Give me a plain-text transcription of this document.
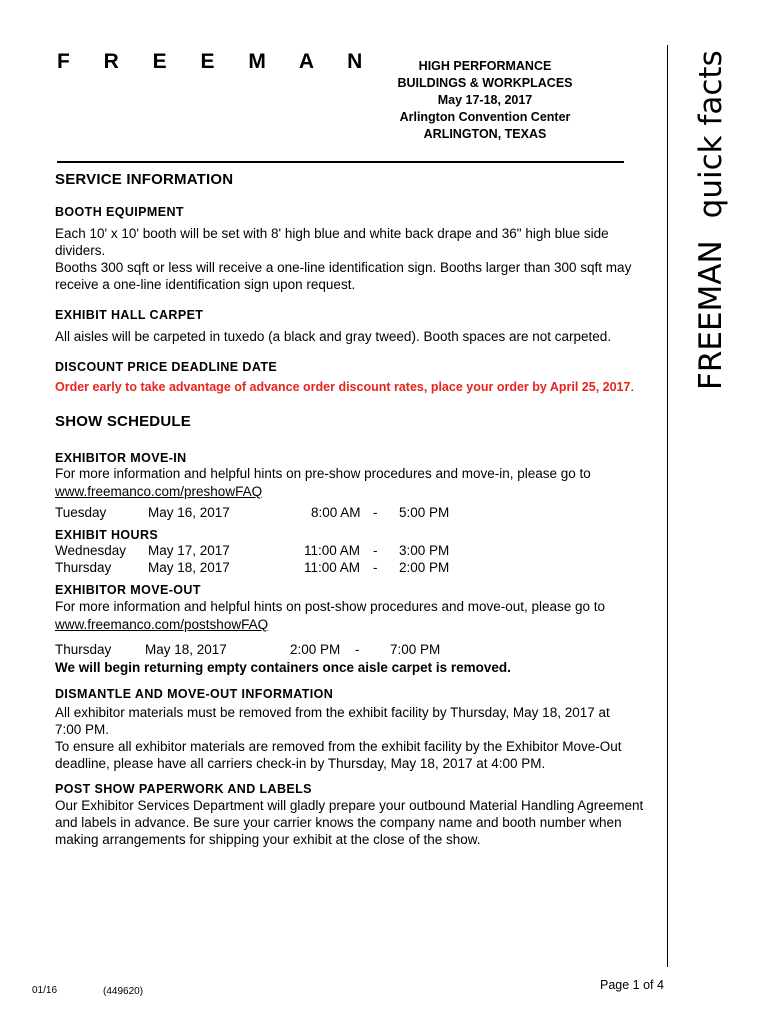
F R E E M A N	HIGH PERFORMANCE
BUILDINGS & WORKPLACES
May 17-18, 2017
Arlington Convention Center
ARLINGTON, TEXAS
FREEMANquick facts
SERVICE INFORMATION
BOOTH EQUIPMENT
Each 10' x 10' booth will be set with 8' high blue and white back drape and 36" high blue side
dividers.
Booths 300 sqft or less will receive a one-line identification sign. Booths larger than 300 sqft may
receive a one-line identification sign upon request.
EXHIBIT HALL CARPET
All aisles will be carpeted in tuxedo (a black and gray tweed). Booth spaces are not carpeted.
DISCOUNT PRICE DEADLINE DATE
Order early to take advantage of advance order discount rates, place your order by April 25, 2017.
SHOW SCHEDULE
EXHIBITOR MOVE-IN
For more information and helpful hints on pre-show procedures and move-in, please go to
www.freemanco.com/preshowFAQ
Tuesday	May 16, 2017	8:00 AM - 5:00 PM
EXHIBIT HOURS
Wednesday May 17, 2017	11:00 AM - 3:00 PM
Thursday	May 18, 2017	11:00 AM - 2:00 PM
EXHIBITOR MOVE-OUT
For more information and helpful hints on post-show procedures and move-out, please go to
www.freemanco.com/postshowFAQ
Thursday May 18, 2017	2:00 PM - 7:00 PM
We will begin returning empty containers once aisle carpet is removed.
DISMANTLE AND MOVE-OUT INFORMATION
All exhibitor materials must be removed from the exhibit facility by Thursday, May 18, 2017 at
7:00 PM.
To ensure all exhibitor materials are removed from the exhibit facility by the Exhibitor Move-Out
deadline, please have all carriers check-in by Thursday, May 18, 2017 at 4:00 PM.
POST SHOW PAPERWORK AND LABELS
Our Exhibitor Services Department will gladly prepare your outbound Material Handling Agreement
and labels in advance. Be sure your carrier knows the company name and booth number when
making arrangements for shipping your exhibit at the close of the show.
01/16	(449620)	Page 1 of 4
